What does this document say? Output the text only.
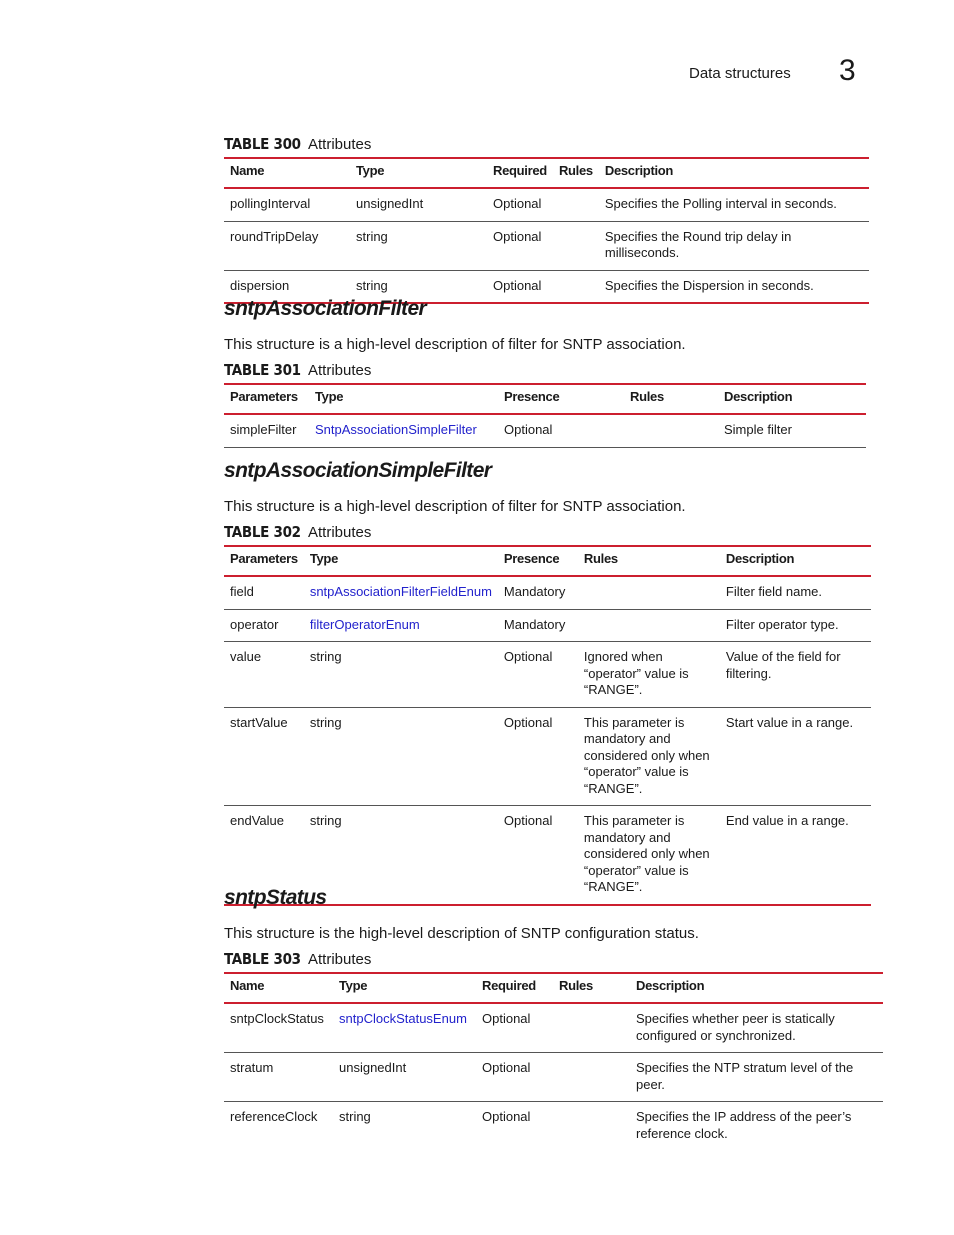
Data structures 3
TABLE 300 Attributes
Name	Type	Required	Rules	Description
pollingInterval	unsignedInt	Optional		Specifies the Polling interval in seconds.
roundTripDelay	string	Optional		Specifies the Round trip delay in milliseconds.
dispersion	string	Optional		Specifies the Dispersion in seconds.
sntpAssociationFilter

This structure is a high-level description of filter for SNTP association.

TABLE 301 Attributes
Parameters	Type	Presence	Rules	Description
simpleFilter	SntpAssociationSimpleFilter	Optional		Simple filter
sntpAssociationSimpleFilter

This structure is a high-level description of filter for SNTP association.

TABLE 302 Attributes
Parameters	Type	Presence	Rules	Description
field	sntpAssociationFilterFieldEnum	Mandatory		Filter field name.
operator	filterOperatorEnum	Mandatory		Filter operator type.
value	string	Optional	Ignored when “operator” value is “RANGE”.	Value of the field for filtering.
startValue	string	Optional	This parameter is mandatory and considered only when “operator” value is “RANGE”.	Start value in a range.
endValue	string	Optional	This parameter is mandatory and considered only when “operator” value is “RANGE”.	End value in a range.
sntpStatus

This structure is the high-level description of SNTP configuration status.

TABLE 303 Attributes
Name	Type	Required	Rules	Description
sntpClockStatus	sntpClockStatusEnum	Optional		Specifies whether peer is statically configured or synchronized.
stratum	unsignedInt	Optional		Specifies the NTP stratum level of the peer.
referenceClock	string	Optional		Specifies the IP address of the peer’s reference clock.
